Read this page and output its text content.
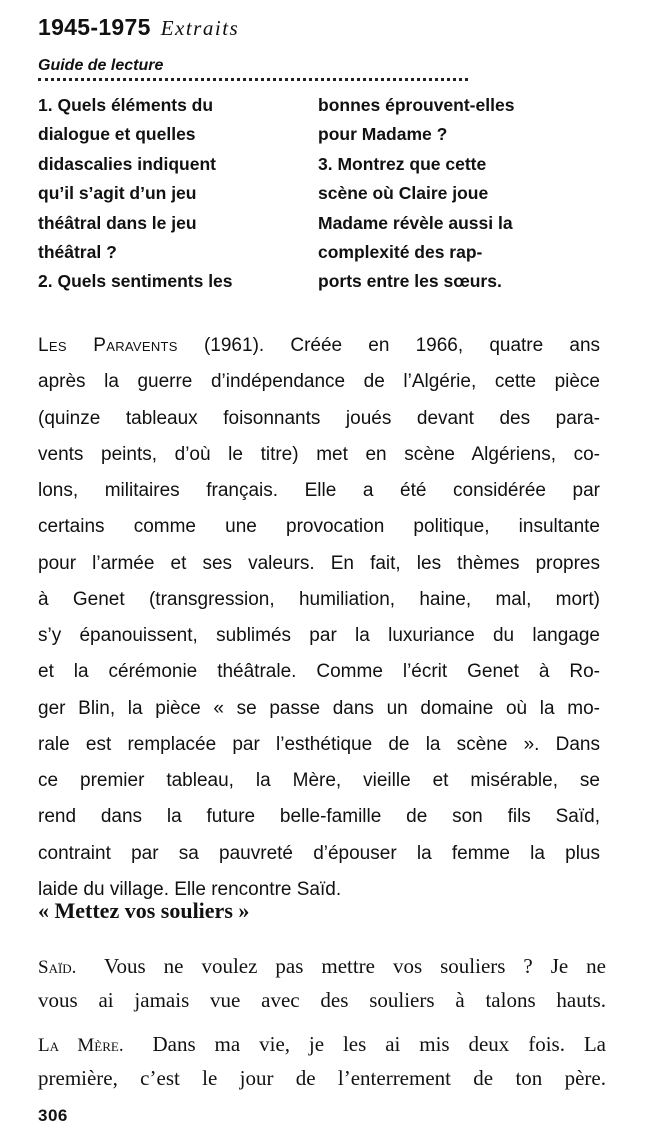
1945-1975 Extraits
Guide de lecture
1. Quels éléments du
dialogue et quelles
didascalies indiquent
qu’il s’agit d’un jeu
théâtral dans le jeu
théâtral ?
2. Quels sentiments les
bonnes éprouvent-elles
pour Madame ?
3. Montrez que cette
scène où Claire joue
Madame révèle aussi la
complexité des rap-
ports entre les sœurs.
Les Paravents (1961). Créée en 1966, quatre ans
après la guerre d’indépendance de l’Algérie, cette pièce
(quinze tableaux foisonnants joués devant des para-
vents peints, d’où le titre) met en scène Algériens, co-
lons, militaires français. Elle a été considérée par
certains comme une provocation politique, insultante
pour l’armée et ses valeurs. En fait, les thèmes propres
à Genet (transgression, humiliation, haine, mal, mort)
s’y épanouissent, sublimés par la luxuriance du langage
et la cérémonie théâtrale. Comme l’écrit Genet à Ro-
ger Blin, la pièce « se passe dans un domaine où la mo-
rale est remplacée par l’esthétique de la scène ». Dans
ce premier tableau, la Mère, vieille et misérable, se
rend dans la future belle-famille de son fils Saïd,
contraint par sa pauvreté d’épouser la femme la plus
laide du village. Elle rencontre Saïd.
« Mettez vos souliers »
Saïd. Vous ne voulez pas mettre vos souliers ? Je ne
vous ai jamais vue avec des souliers à talons hauts.
La Mère. Dans ma vie, je les ai mis deux fois. La
première, c’est le jour de l’enterrement de ton père.
306
